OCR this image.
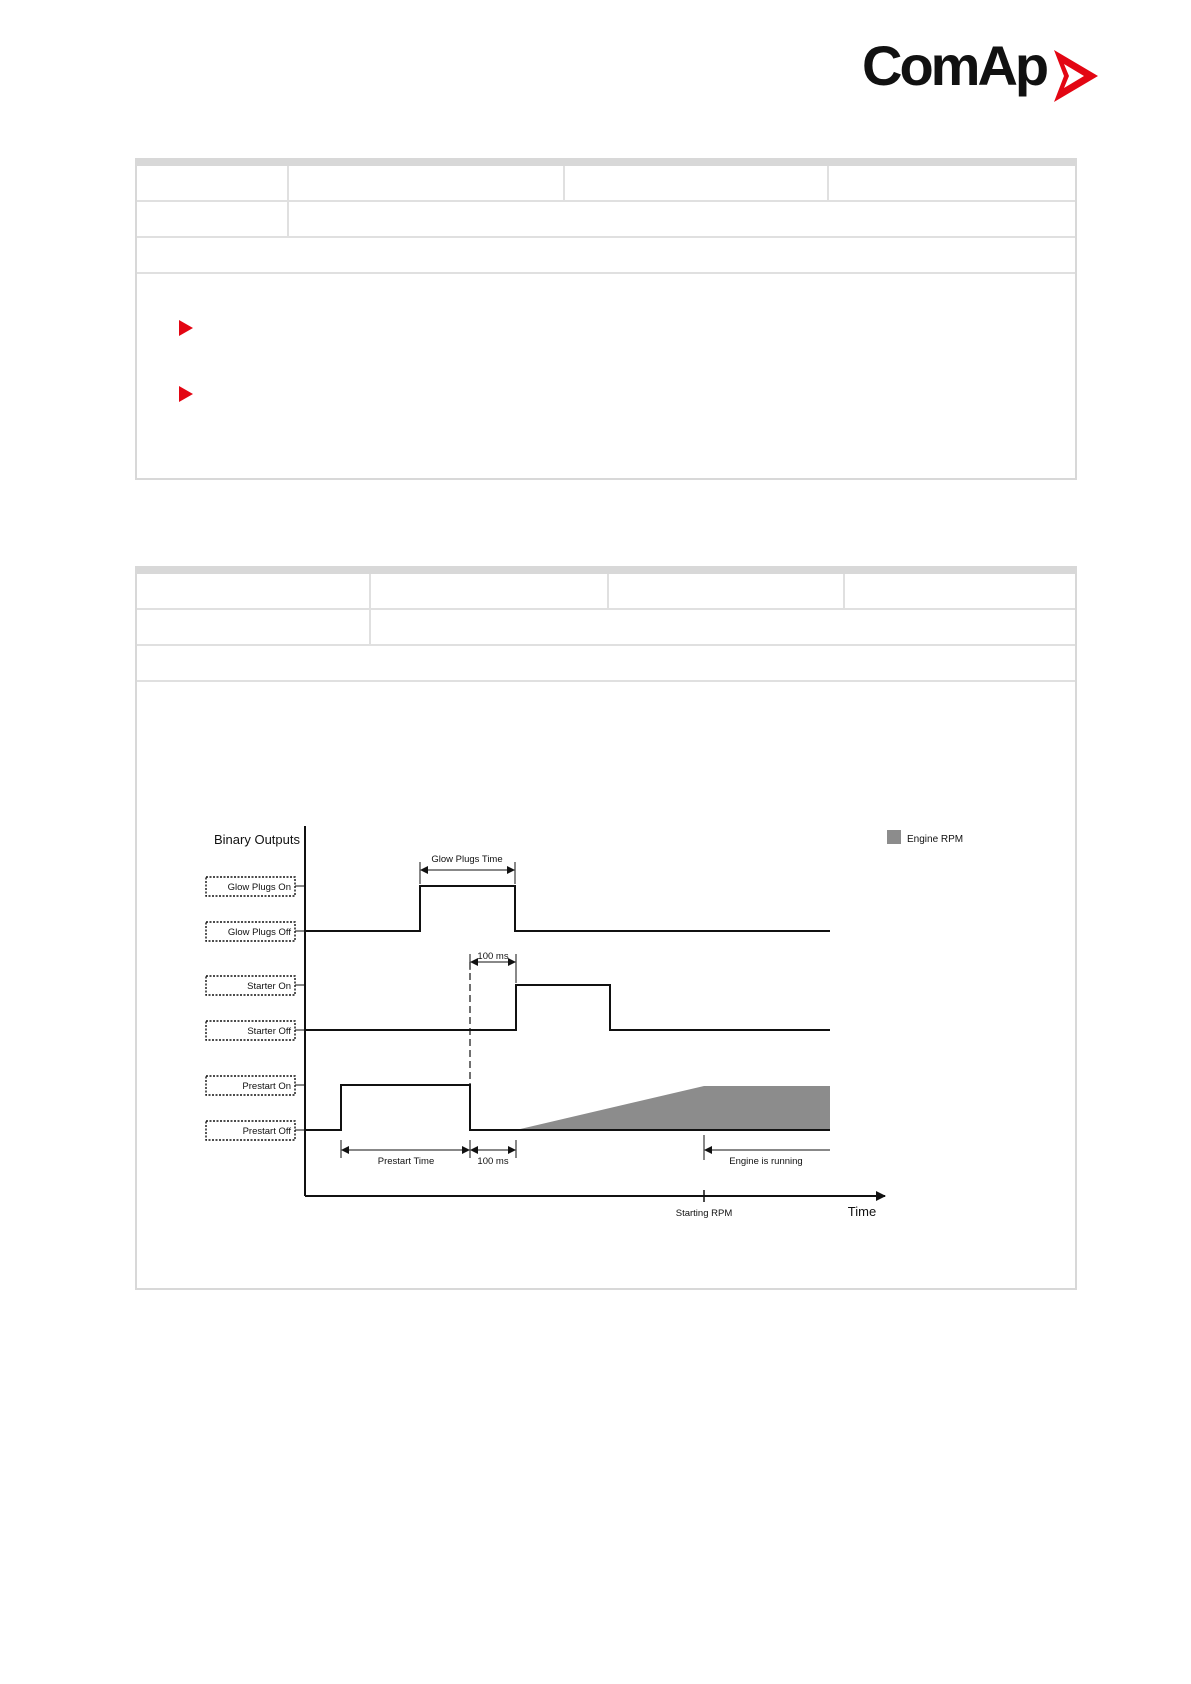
ComAp
Binary Outputs
Time
Engine RPM
Glow Plugs On
Glow Plugs Off
Starter On
Starter Off
Prestart On
Prestart Off
Glow Plugs Time
100 ms
Prestart Time	100 ms	Engine is running
Starting RPM
